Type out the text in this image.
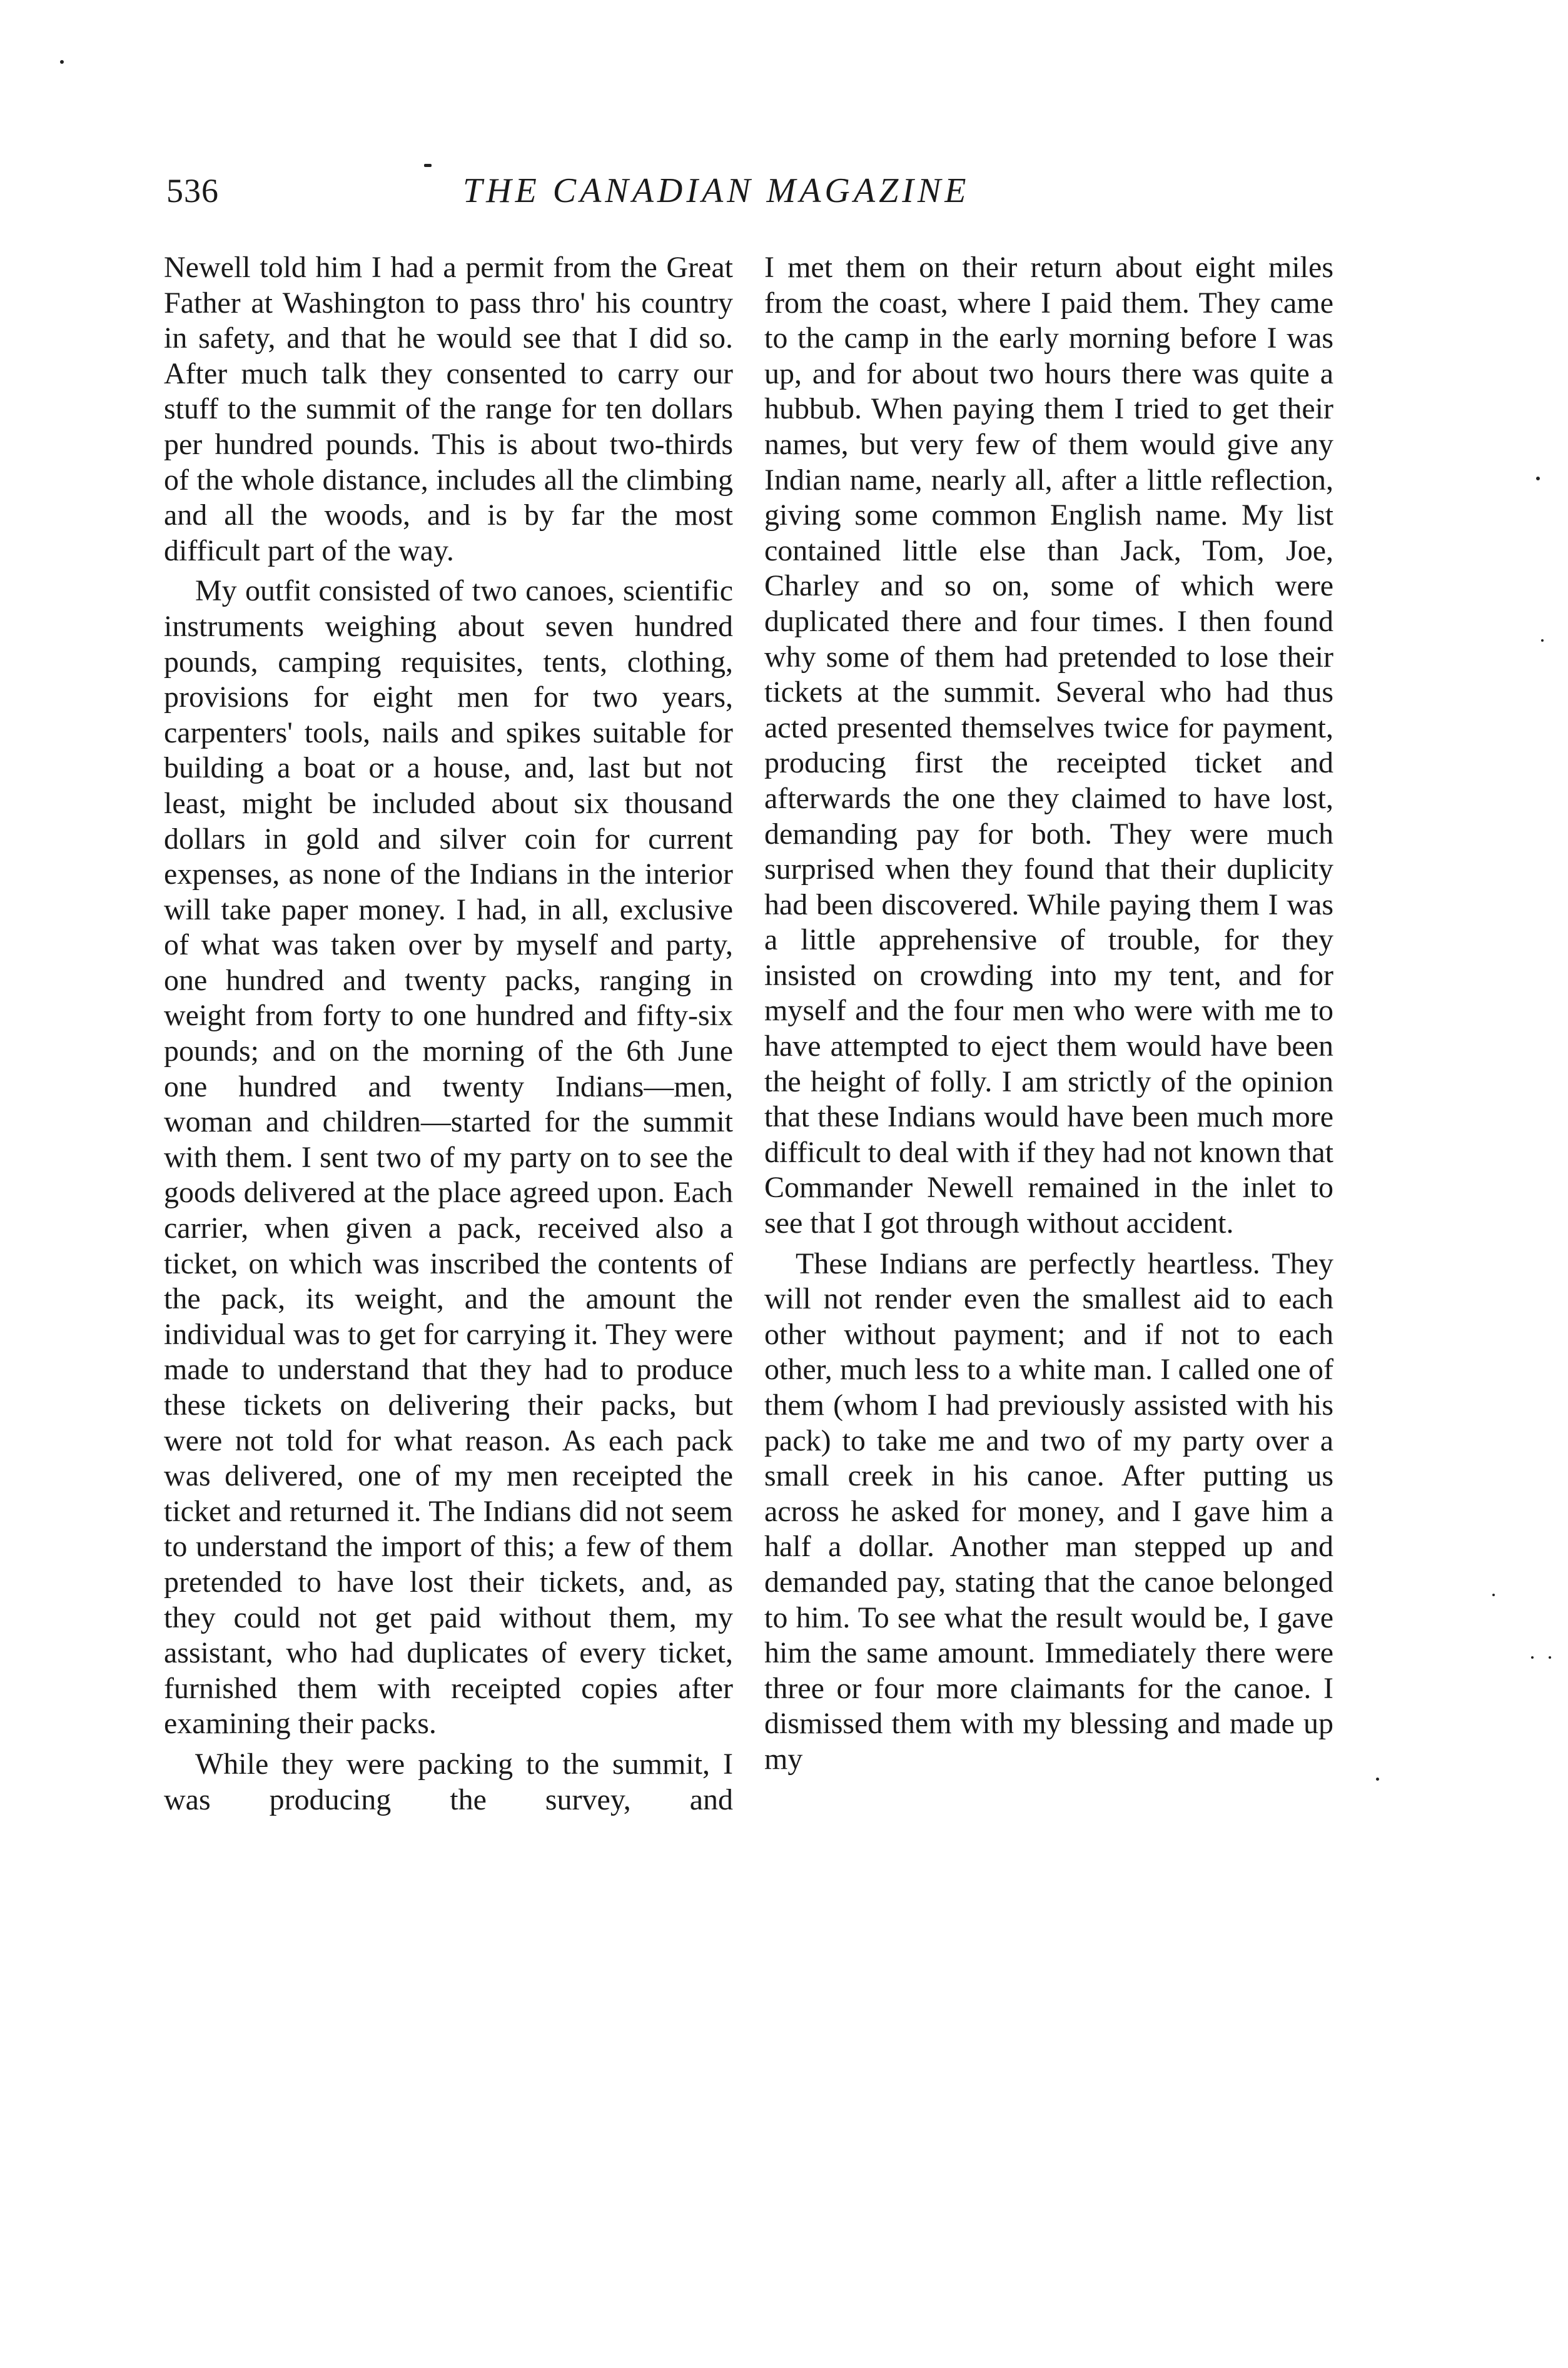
536	THE CANADIAN MAGAZINE

Newell told him I had a permit from the Great Father at Washington to pass thro' his country in safety, and that he would see that I did so. After much talk they consented to carry our stuff to the summit of the range for ten dollars per hundred pounds. This is about two-thirds of the whole distance, includes all the climbing and all the woods, and is by far the most difficult part of the way.

My outfit consisted of two canoes, scientific instruments weighing about seven hundred pounds, camping requisites, tents, clothing, provisions for eight men for two years, carpenters' tools, nails and spikes suitable for building a boat or a house, and, last but not least, might be included about six thousand dollars in gold and silver coin for current expenses, as none of the Indians in the interior will take paper money. I had, in all, exclusive of what was taken over by myself and party, one hundred and twenty packs, ranging in weight from forty to one hundred and fifty-six pounds; and on the morning of the 6th June one hundred and twenty Indians—men, woman and children—started for the summit with them. I sent two of my party on to see the goods delivered at the place agreed upon. Each carrier, when given a pack, received also a ticket, on which was inscribed the contents of the pack, its weight, and the amount the individual was to get for carrying it. They were made to understand that they had to produce these tickets on delivering their packs, but were not told for what reason. As each pack was delivered, one of my men receipted the ticket and returned it. The Indians did not seem to understand the import of this; a few of them pretended to have lost their tickets, and, as they could not get paid without them, my assistant, who had duplicates of every ticket, furnished them with receipted copies after examining their packs.

While they were packing to the summit, I was producing the survey, and

I met them on their return about eight miles from the coast, where I paid them. They came to the camp in the early morning before I was up, and for about two hours there was quite a hubbub. When paying them I tried to get their names, but very few of them would give any Indian name, nearly all, after a little reflection, giving some common English name. My list contained little else than Jack, Tom, Joe, Charley and so on, some of which were duplicated there and four times. I then found why some of them had pretended to lose their tickets at the summit. Several who had thus acted presented themselves twice for payment, producing first the receipted ticket and afterwards the one they claimed to have lost, demanding pay for both. They were much surprised when they found that their duplicity had been discovered. While paying them I was a little apprehensive of trouble, for they insisted on crowding into my tent, and for myself and the four men who were with me to have attempted to eject them would have been the height of folly. I am strictly of the opinion that these Indians would have been much more difficult to deal with if they had not known that Commander Newell remained in the inlet to see that I got through without accident.

These Indians are perfectly heartless. They will not render even the smallest aid to each other without payment; and if not to each other, much less to a white man. I called one of them (whom I had previously assisted with his pack) to take me and two of my party over a small creek in his canoe. After putting us across he asked for money, and I gave him a half a dollar. Another man stepped up and demanded pay, stating that the canoe belonged to him. To see what the result would be, I gave him the same amount. Immediately there were three or four more claimants for the canoe. I dismissed them with my blessing and made up my
